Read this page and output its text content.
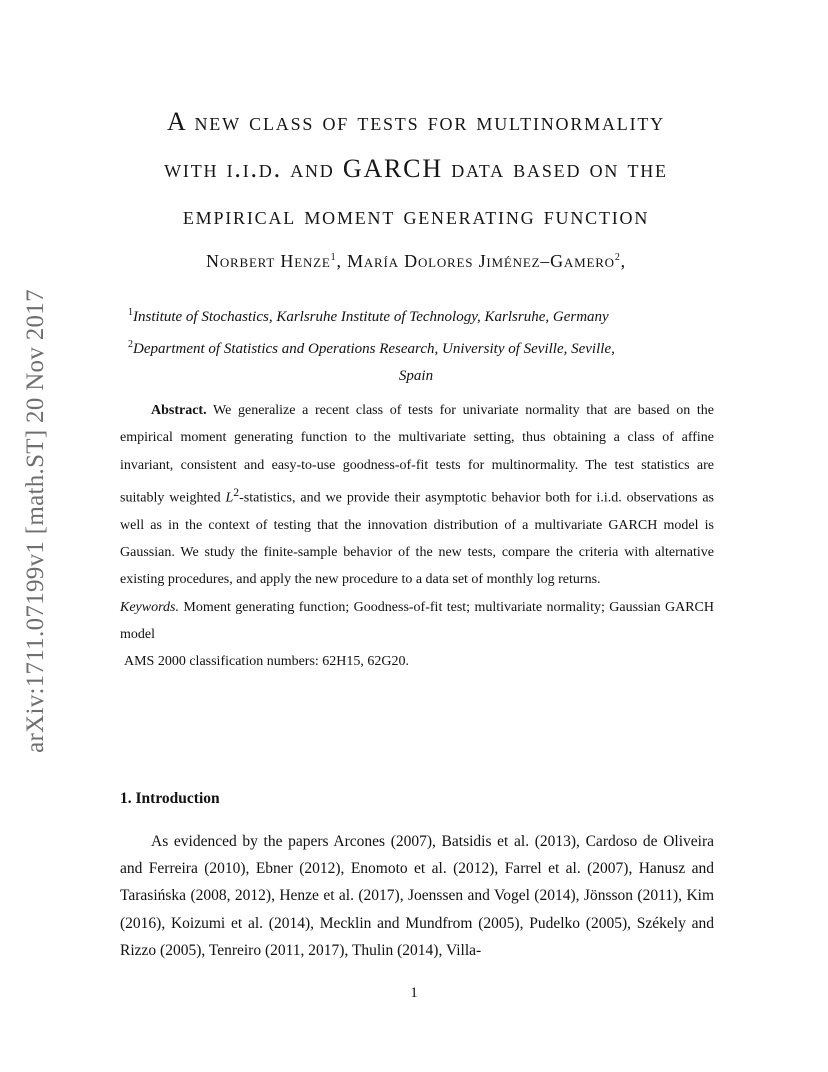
arXiv:1711.07199v1 [math.ST] 20 Nov 2017
A new class of tests for multinormality
with i.i.d. and GARCH data based on the
empirical moment generating function
Norbert Henze$^1$, María Dolores Jiménez–Gamero$^2$,
$^1$Institute of Stochastics, Karlsruhe Institute of Technology, Karlsruhe, Germany
$^2$Department of Statistics and Operations Research, University of Seville, Seville,
Spain

Abstract. We generalize a recent class of tests for univariate normality that are based on the empirical moment generating function to the multivariate setting, thus obtaining a class of affine invariant, consistent and easy-to-use goodness-of-fit tests for multinormality. The test statistics are suitably weighted $L^2$-statistics, and we provide their asymptotic behavior both for i.i.d. observations as well as in the context of testing that the innovation distribution of a multivariate GARCH model is Gaussian. We study the finite-sample behavior of the new tests, compare the criteria with alternative existing procedures, and apply the new procedure to a data set of monthly log returns.

Keywords. Moment generating function; Goodness-of-fit test; multivariate normality; Gaussian GARCH model

AMS 2000 classification numbers: 62H15, 62G20.

1. Introduction

As evidenced by the papers Arcones (2007), Batsidis et al. (2013), Cardoso de Oliveira and Ferreira (2010), Ebner (2012), Enomoto et al. (2012), Farrel et al. (2007), Hanusz and Tarasińska (2008, 2012), Henze et al. (2017), Joenssen and Vogel (2014), Jönsson (2011), Kim (2016), Koizumi et al. (2014), Mecklin and Mundfrom (2005), Pudelko (2005), Székely and Rizzo (2005), Tenreiro (2011, 2017), Thulin (2014), Villa-

1
